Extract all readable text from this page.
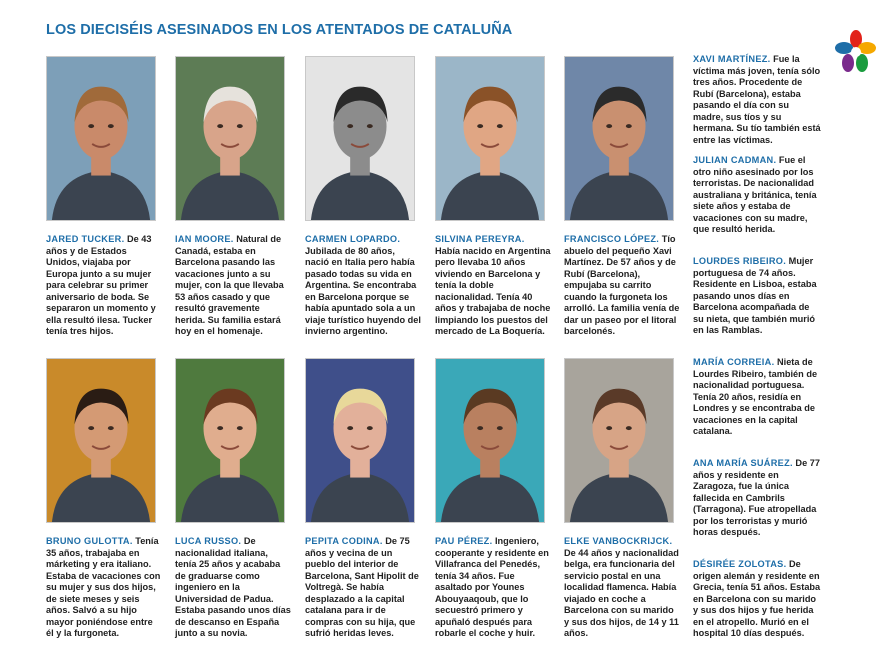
LOS DIECISÉIS ASESINADOS EN LOS ATENTADOS DE CATALUÑA
JARED TUCKER. De 43 años y de Estados Unidos, viajaba por Europa junto a su mujer para celebrar su primer aniversario de boda. Se separaron un momento y ella resultó ilesa. Tucker tenía tres hijos.
IAN MOORE. Natural de Canadá, estaba en Barcelona pasando las vacaciones junto a su mujer, con la que llevaba 53 años casado y que resultó gravemente herida. Su familia estará hoy en el homenaje.
CARMEN LOPARDO. Jubilada de 80 años, nació en Italia pero había pasado todas su vida en Argentina. Se encontraba en Barcelona porque se había apuntado sola a un viaje turístico huyendo del invierno argentino.
SILVINA PEREYRA. Había nacido en Argentina pero llevaba 10 años viviendo en Barcelona y tenía la doble nacionalidad. Tenía 40 años y trabajaba de noche limpiando los puestos del mercado de La Boquería.
FRANCISCO LÓPEZ. Tío abuelo del pequeño Xavi Martínez. De 57 años y de Rubí (Barcelona), empujaba su carrito cuando la furgoneta los arrolló. La familia venía de dar un paseo por el litoral barcelonés.
BRUNO GULOTTA. Tenía 35 años, trabajaba en márketing y era italiano. Estaba de vacaciones con su mujer y sus dos hijos, de siete meses y seis años. Salvó a su hijo mayor poniéndose entre él y la furgoneta.
LUCA RUSSO. De nacionalidad italiana, tenía 25 años y acababa de graduarse como ingeniero en la Universidad de Padua. Estaba pasando unos días de descanso en España junto a su novia.
PEPITA CODINA. De 75 años y vecina de un pueblo del interior de Barcelona, Sant Hipolit de Voltregà. Se había desplazado a la capital catalana para ir de compras con su hija, que sufrió heridas leves.
PAU PÉREZ. Ingeniero, cooperante y residente en Villafranca del Penedés, tenía 34 años. Fue asaltado por Younes Abouyaaqoub, que lo secuestró primero y apuñaló después para robarle el coche y huir.
ELKE VANBOCKRIJCK. De 44 años y nacionalidad belga, era funcionaria del servicio postal en una localidad flamenca. Había viajado en coche a Barcelona con su marido y sus dos hijos, de 14 y 11 años.
XAVI MARTÍNEZ. Fue la víctima más joven, tenía sólo tres años. Procedente de Rubí (Barcelona), estaba pasando el día con su madre, sus tíos y su hermana. Su tío también está entre las víctimas.
JULIAN CADMAN. Fue el otro niño asesinado por los terroristas. De nacionalidad australiana y británica, tenía siete años y estaba de vacaciones con su madre, que resultó herida.
LOURDES RIBEIRO. Mujer portuguesa de 74 años. Residente en Lisboa, estaba pasando unos días en Barcelona acompañada de su nieta, que también murió en las Ramblas.
MARÍA CORREIA. Nieta de Lourdes Ribeiro, también de nacionalidad portuguesa. Tenía 20 años, residía en Londres y se encontraba de vacaciones en la capital catalana.
ANA MARÍA SUÁREZ. De 77 años y residente en Zaragoza, fue la única fallecida en Cambrils (Tarragona). Fue atropellada por los terroristas y murió horas después.
DÉSIRÉE ZOLOTAS. De origen alemán y residente en Grecia, tenía 51 años. Estaba en Barcelona con su marido y sus dos hijos y fue herida en el atropello. Murió en el hospital 10 días después.
